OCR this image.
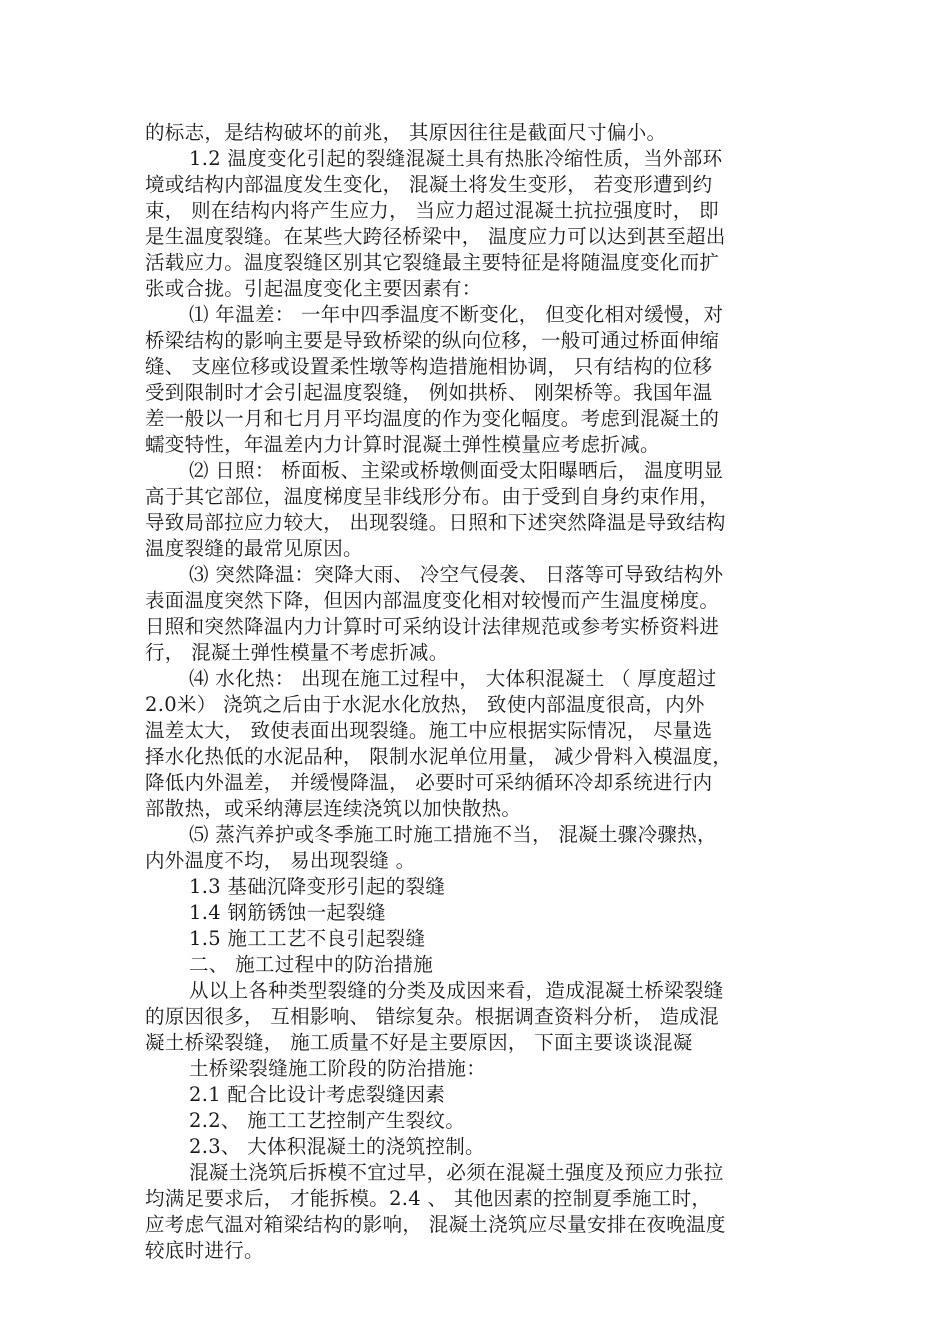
的标志，是结构破坏的前兆， 其原因往往是截面尺寸偏小。
1.2 温度变化引起的裂缝混凝土具有热胀冷缩性质，当外部环
境或结构内部温度发生变化， 混凝土将发生变形， 若变形遭到约
束， 则在结构内将产生应力， 当应力超过混凝土抗拉强度时， 即
是生温度裂缝。在某些大跨径桥梁中， 温度应力可以达到甚至超出
活载应力。温度裂缝区别其它裂缝最主要特征是将随温度变化而扩
张或合拢。引起温度变化主要因素有：
⑴ 年温差： 一年中四季温度不断变化， 但变化相对缓慢，对
桥梁结构的影响主要是导致桥梁的纵向位移，一般可通过桥面伸缩
缝、 支座位移或设置柔性墩等构造措施相协调， 只有结构的位移
受到限制时才会引起温度裂缝， 例如拱桥、 刚架桥等。我国年温
差一般以一月和七月月平均温度的作为变化幅度。考虑到混凝土的
蠕变特性，年温差内力计算时混凝土弹性模量应考虑折减。
⑵ 日照： 桥面板、主梁或桥墩侧面受太阳曝晒后， 温度明显
高于其它部位，温度梯度呈非线形分布。由于受到自身约束作用，
导致局部拉应力较大， 出现裂缝。日照和下述突然降温是导致结构
温度裂缝的最常见原因。
⑶ 突然降温：突降大雨、 冷空气侵袭、 日落等可导致结构外
表面温度突然下降，但因内部温度变化相对较慢而产生温度梯度。
日照和突然降温内力计算时可采纳设计法律规范或参考实桥资料进
行， 混凝土弹性模量不考虑折减。
⑷ 水化热： 出现在施工过程中， 大体积混凝土 （ 厚度超过
2.0米） 浇筑之后由于水泥水化放热， 致使内部温度很高，内外
温差太大， 致使表面出现裂缝。施工中应根据实际情况， 尽量选
择水化热低的水泥品种， 限制水泥单位用量， 减少骨料入模温度，
降低内外温差， 并缓慢降温， 必要时可采纳循环冷却系统进行内
部散热，或采纳薄层连续浇筑以加快散热。
⑸ 蒸汽养护或冬季施工时施工措施不当， 混凝土骤冷骤热，
内外温度不均， 易出现裂缝 。
1.3 基础沉降变形引起的裂缝
1.4 钢筋锈蚀一起裂缝
1.5 施工工艺不良引起裂缝
二、 施工过程中的防治措施
从以上各种类型裂缝的分类及成因来看，造成混凝土桥梁裂缝
的原因很多， 互相影响、 错综复杂。根据调查资料分析， 造成混
凝土桥梁裂缝， 施工质量不好是主要原因， 下面主要谈谈混凝
土桥梁裂缝施工阶段的防治措施：
2.1 配合比设计考虑裂缝因素
2.2、 施工工艺控制产生裂纹。
2.3、 大体积混凝土的浇筑控制。
混凝土浇筑后拆模不宜过早，必须在混凝土强度及预应力张拉
均满足要求后， 才能拆模。2.4 、 其他因素的控制夏季施工时，
应考虑气温对箱梁结构的影响， 混凝土浇筑应尽量安排在夜晚温度
较底时进行。
